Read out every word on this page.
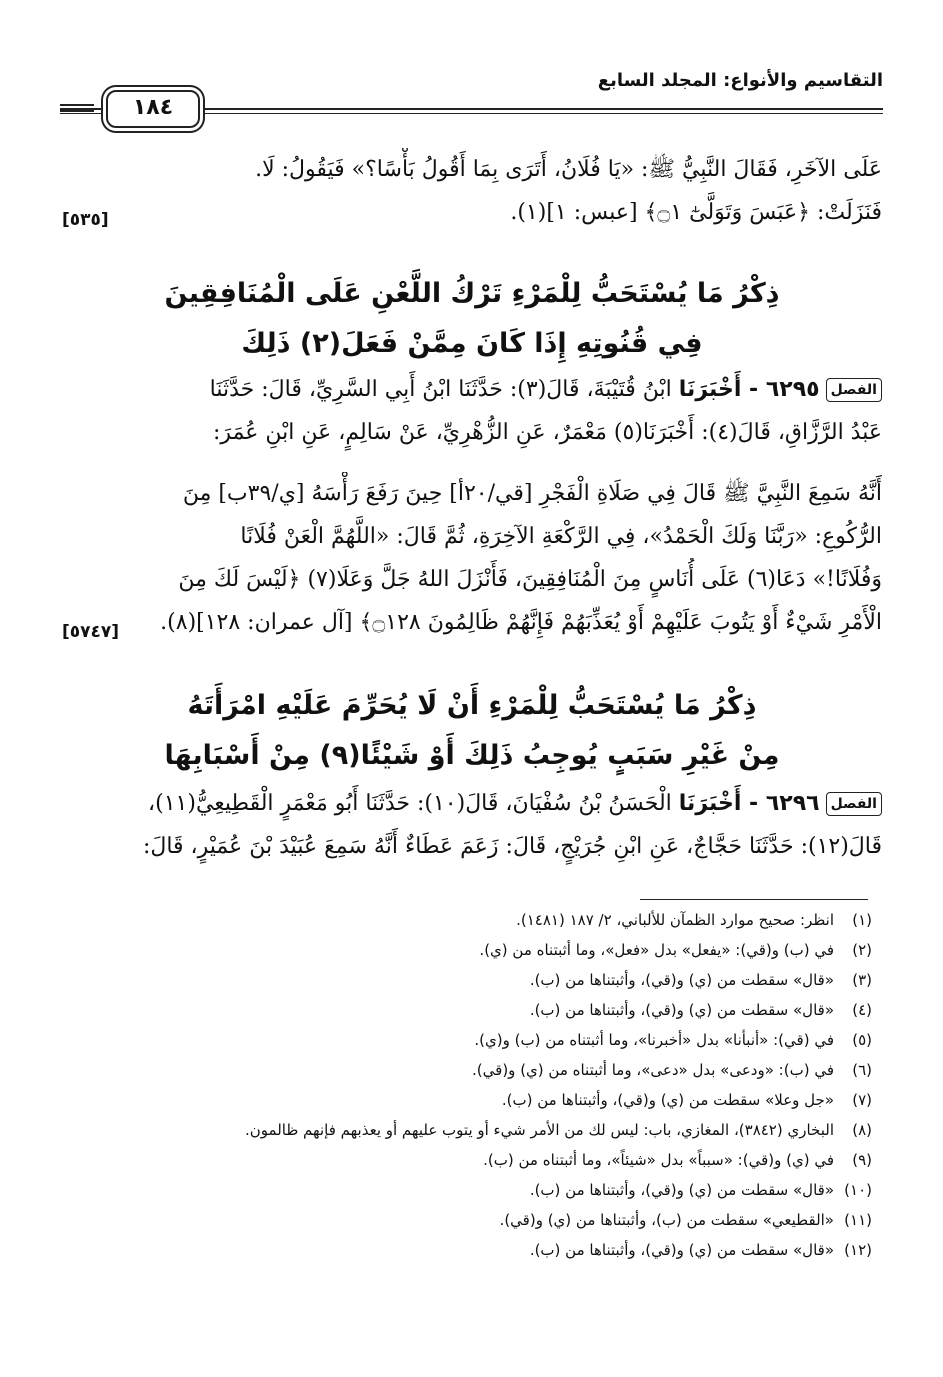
التقاسيم والأنواع: المجلد السابع
١٨٤
عَلَى الآخَرِ، فَقَالَ النَّبِيُّ ﷺ: «يَا فُلَانُ، أَتَرَى بِمَا أَقُولُ بَأْسًا؟» فَيَقُولُ: لَا.
فَنَزَلَتْ: ﴿عَبَسَ وَتَوَلَّىٰٓ ۝١﴾ [عبس: ١](١).
[٥٣٥]
ذِكْرُ مَا يُسْتَحَبُّ لِلْمَرْءِ تَرْكُ اللَّعْنِ عَلَى الْمُنَافِقِينَ
فِي قُنُوتِهِ إِذَا كَانَ مِمَّنْ فَعَلَ(٢) ذَلِكَ
الفصل٦٢٩٥ - أَخْبَرَنَا ابْنُ قُتَيْبَةَ، قَالَ(٣): حَدَّثَنَا ابْنُ أَبِي السَّرِيِّ، قَالَ: حَدَّثَنَا
عَبْدُ الرَّزَّاقِ، قَالَ(٤): أَخْبَرَنَا(٥) مَعْمَرٌ، عَنِ الزُّهْرِيِّ، عَنْ سَالِمٍ، عَنِ ابْنِ عُمَرَ:
أَنَّهُ سَمِعَ النَّبِيَّ ﷺ قَالَ فِي صَلَاةِ الْفَجْرِ [قي/٢٠أ] حِينَ رَفَعَ رَأْسَهُ [ي/٣٩ب] مِنَ
الرُّكُوعِ: «رَبَّنَا وَلَكَ الْحَمْدُ»، فِي الرَّكْعَةِ الآخِرَةِ، ثُمَّ قَالَ: «اللَّهُمَّ الْعَنْ فُلَانًا
وَفُلَانًا!» دَعَا(٦) عَلَى أُنَاسٍ مِنَ الْمُنَافِقِينَ، فَأَنْزَلَ اللهُ جَلَّ وَعَلَا(٧) ﴿لَيْسَ لَكَ مِنَ
الْأَمْرِ شَيْءٌ أَوْ يَتُوبَ عَلَيْهِمْ أَوْ يُعَذِّبَهُمْ فَإِنَّهُمْ ظَالِمُونَ ۝١٢٨﴾ [آل عمران: ١٢٨](٨).
[٥٧٤٧]
ذِكْرُ مَا يُسْتَحَبُّ لِلْمَرْءِ أَنْ لَا يُحَرِّمَ عَلَيْهِ امْرَأَتَهُ
مِنْ غَيْرِ سَبَبٍ يُوجِبُ ذَلِكَ أَوْ شَيْئًا(٩) مِنْ أَسْبَابِهَا
الفصل٦٢٩٦ - أَخْبَرَنَا الْحَسَنُ بْنُ سُفْيَانَ، قَالَ(١٠): حَدَّثَنَا أَبُو مَعْمَرٍ الْقَطِيعِيُّ(١١)،
قَالَ(١٢): حَدَّثَنَا حَجَّاجٌ، عَنِ ابْنِ جُرَيْجٍ، قَالَ: زَعَمَ عَطَاءٌ أَنَّهُ سَمِعَ عُبَيْدَ بْنَ عُمَيْرٍ، قَالَ:
(١)انظر: صحيح موارد الظمآن للألباني، ٢/ ١٨٧ (١٤٨١).
(٢)في (ب) و(قي): «يفعل» بدل «فعل»، وما أثبتناه من (ي).
(٣)«قال» سقطت من (ي) و(قي)، وأثبتناها من (ب).
(٤)«قال» سقطت من (ي) و(قي)، وأثبتناها من (ب).
(٥)في (قي): «أنبأنا» بدل «أخبرنا»، وما أثبتناه من (ب) و(ي).
(٦)في (ب): «ودعى» بدل «دعى»، وما أثبتناه من (ي) و(قي).
(٧)«جل وعلا» سقطت من (ي) و(قي)، وأثبتناها من (ب).
(٨)البخاري (٣٨٤٢)، المغازي، باب: ليس لك من الأمر شيء أو يتوب عليهم أو يعذبهم فإنهم ظالمون.
(٩)في (ي) و(قي): «سبباً» بدل «شيئاً»، وما أثبتناه من (ب).
(١٠)«قال» سقطت من (ي) و(قي)، وأثبتناها من (ب).
(١١)«القطيعي» سقطت من (ب)، وأثبتناها من (ي) و(قي).
(١٢)«قال» سقطت من (ي) و(قي)، وأثبتناها من (ب).
